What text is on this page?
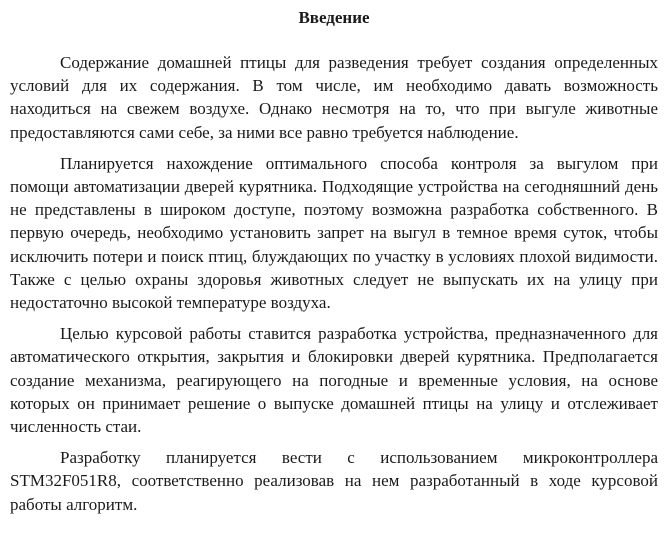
Введение

Содержание домашней птицы для разведения требует создания определенных условий для их содержания. В том числе, им необходимо давать возможность находиться на свежем воздухе. Однако несмотря на то, что при выгуле животные предоставляются сами себе, за ними все равно требуется наблюдение.

Планируется нахождение оптимального способа контроля за выгулом при помощи автоматизации дверей курятника. Подходящие устройства на сегодняшний день не представлены в широком доступе, поэтому возможна разработка собственного. В первую очередь, необходимо установить запрет на выгул в темное время суток, чтобы исключить потери и поиск птиц, блуждающих по участку в условиях плохой видимости. Также с целью охраны здоровья животных следует не выпускать их на улицу при недостаточно высокой температуре воздуха.

Целью курсовой работы ставится разработка устройства, предназначенного для автоматического открытия, закрытия и блокировки дверей курятника. Предполагается создание механизма, реагирующего на погодные и временные условия, на основе которых он принимает решение о выпуске домашней птицы на улицу и отслеживает численность стаи.

Разработку планируется вести с использованием микроконтроллера STM32F051R8, соответственно реализовав на нем разработанный в ходе курсовой работы алгоритм.
